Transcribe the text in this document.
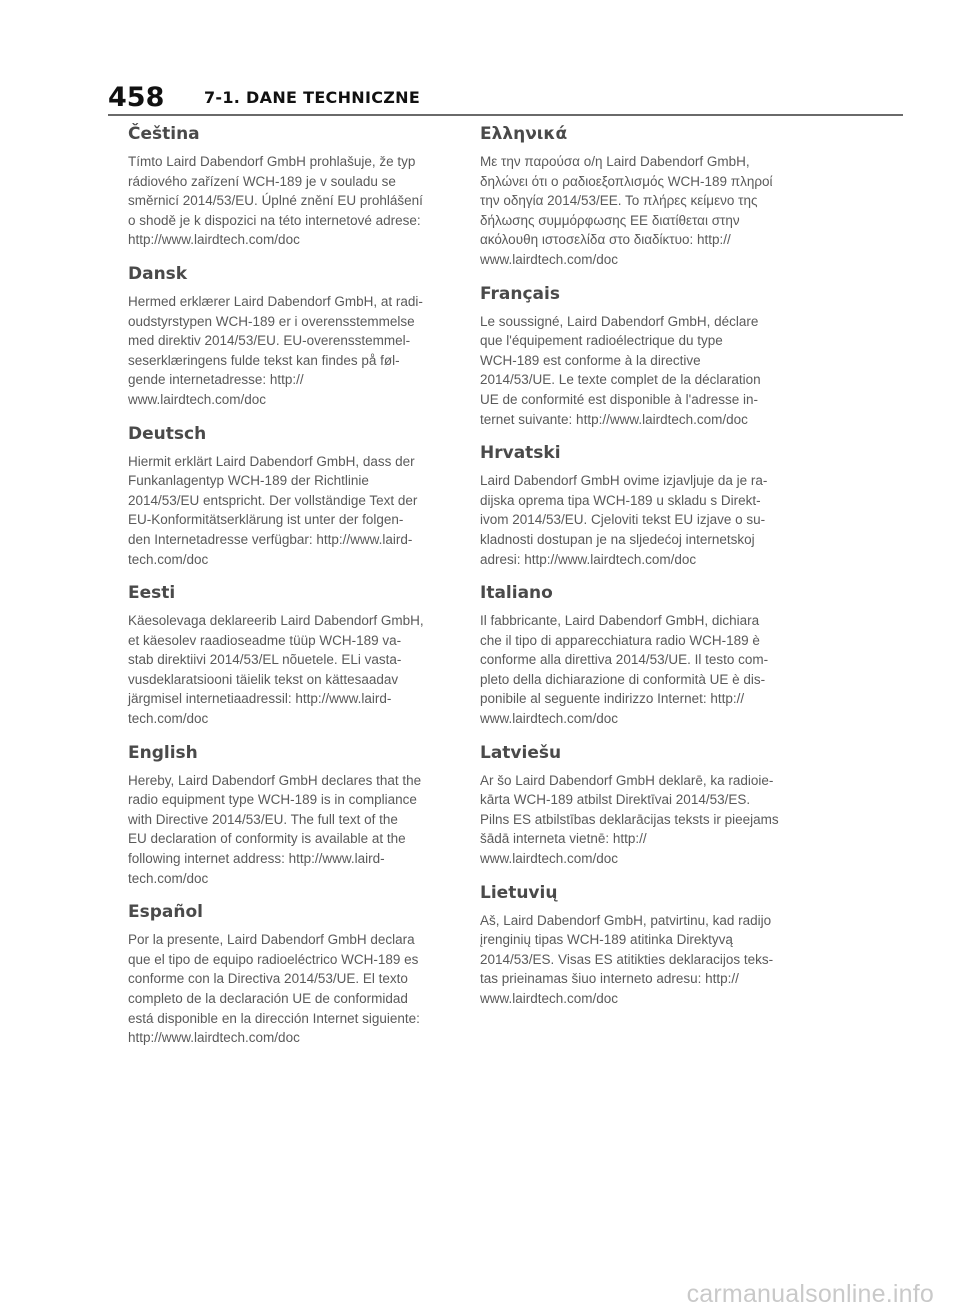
458	7-1. DANE TECHNICZNE
Čeština
Tímto Laird Dabendorf GmbH prohlašuje, že typ
rádiového zařízení WCH-189 je v souladu se
směrnicí 2014/53/EU. Úplné znění EU prohlášení
o shodě je k dispozici na této internetové adrese:
http://www.lairdtech.com/doc
Dansk
Hermed erklærer Laird Dabendorf GmbH, at radi-
oudstyrstypen WCH-189 er i overensstemmelse
med direktiv 2014/53/EU. EU-overensstemmel-
seserklæringens fulde tekst kan findes på føl-
gende internetadresse: http://
www.lairdtech.com/doc
Deutsch
Hiermit erklärt Laird Dabendorf GmbH, dass der
Funkanlagentyp WCH-189 der Richtlinie
2014/53/EU entspricht. Der vollständige Text der
EU-Konformitätserklärung ist unter der folgen-
den Internetadresse verfügbar: http://www.laird-
tech.com/doc
Eesti
Käesolevaga deklareerib Laird Dabendorf GmbH,
et käesolev raadioseadme tüüp WCH-189 va-
stab direktiivi 2014/53/EL nõuetele. ELi vasta-
vusdeklaratsiooni täielik tekst on kättesaadav
järgmisel internetiaadressil: http://www.laird-
tech.com/doc
English
Hereby, Laird Dabendorf GmbH declares that the
radio equipment type WCH-189 is in compliance
with Directive 2014/53/EU. The full text of the
EU declaration of conformity is available at the
following internet address: http://www.laird-
tech.com/doc
Español
Por la presente, Laird Dabendorf GmbH declara
que el tipo de equipo radioeléctrico WCH-189 es
conforme con la Directiva 2014/53/UE. El texto
completo de la declaración UE de conformidad
está disponible en la dirección Internet siguiente:
http://www.lairdtech.com/doc
Ελληνικά
Με την παρούσα ο/η Laird Dabendorf GmbH,
δηλώνει ότι ο ραδιοεξοπλισμός WCH-189 πληροί
την οδηγία 2014/53/ΕΕ. Το πλήρες κείμενο της
δήλωσης συμμόρφωσης ΕΕ διατίθεται στην
ακόλουθη ιστοσελίδα στο διαδίκτυο: http://
www.lairdtech.com/doc
Français
Le soussigné, Laird Dabendorf GmbH, déclare
que l'équipement radioélectrique du type
WCH-189 est conforme à la directive
2014/53/UE. Le texte complet de la déclaration
UE de conformité est disponible à l'adresse in-
ternet suivante: http://www.lairdtech.com/doc
Hrvatski
Laird Dabendorf GmbH ovime izjavljuje da je ra-
dijska oprema tipa WCH-189 u skladu s Direkt-
ivom 2014/53/EU. Cjeloviti tekst EU izjave o su-
kladnosti dostupan je na sljedećoj internetskoj
adresi: http://www.lairdtech.com/doc
Italiano
Il fabbricante, Laird Dabendorf GmbH, dichiara
che il tipo di apparecchiatura radio WCH-189 è
conforme alla direttiva 2014/53/UE. Il testo com-
pleto della dichiarazione di conformità UE è dis-
ponibile al seguente indirizzo Internet: http://
www.lairdtech.com/doc
Latviešu
Ar šo Laird Dabendorf GmbH deklarē, ka radioie-
kārta WCH-189 atbilst Direktīvai 2014/53/ES.
Pilns ES atbilstības deklarācijas teksts ir pieejams
šādā interneta vietnē: http://
www.lairdtech.com/doc
Lietuvių
Aš, Laird Dabendorf GmbH, patvirtinu, kad radijo
įrenginių tipas WCH-189 atitinka Direktyvą
2014/53/ES. Visas ES atitikties deklaracijos teks-
tas prieinamas šiuo interneto adresu: http://
www.lairdtech.com/doc
carmanualsonline.info
